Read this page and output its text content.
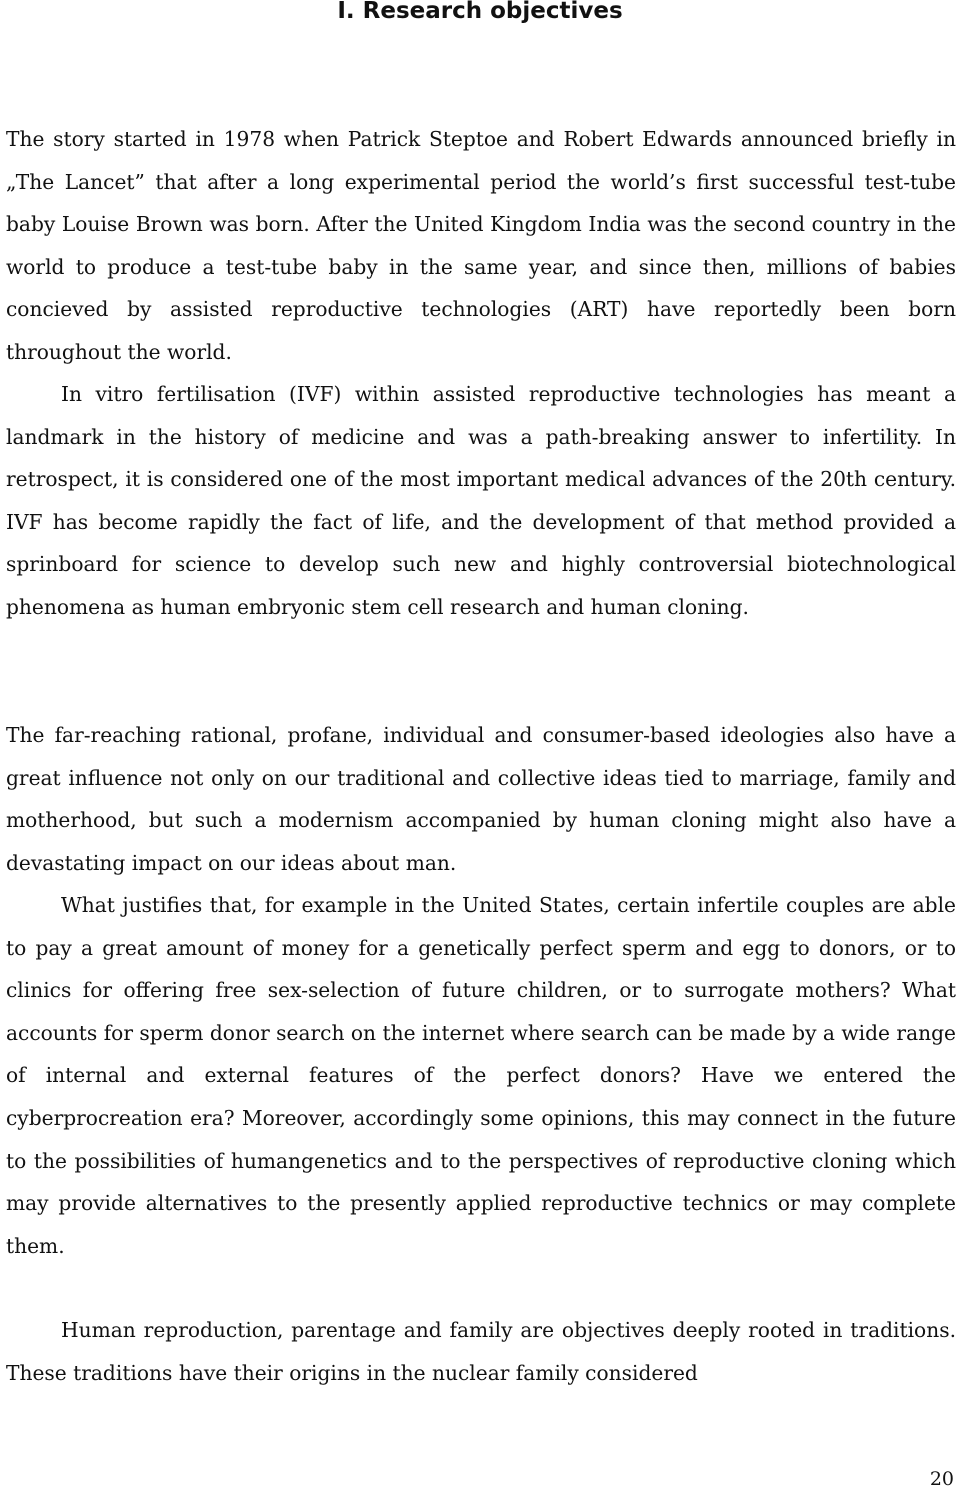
I. Research objectives

The story started in 1978 when Patrick Steptoe and Robert Edwards announced briefly in „The Lancet” that after a long experimental period the world’s first successful test-tube baby Louise Brown was born. After the United Kingdom India was the second country in the world to produce a test-tube baby in the same year, and since then, millions of babies concieved by assisted reproductive technologies (ART) have reportedly been born throughout the world.

In vitro fertilisation (IVF) within assisted reproductive technologies has meant a landmark in the history of medicine and was a path-breaking answer to infertility. In retrospect, it is considered one of the most important medical advances of the 20th century. IVF has become rapidly the fact of life, and the development of that method provided a sprinboard for science to develop such new and highly controversial biotechnological phenomena as human embryonic stem cell research and human cloning.

The far-reaching rational, profane, individual and consumer-based ideologies also have a great influence not only on our traditional and collective ideas tied to marriage, family and motherhood, but such a modernism accompanied by human cloning might also have a devastating impact on our ideas about man.

What justifies that, for example in the United States, certain infertile couples are able to pay a great amount of money for a genetically perfect sperm and egg to donors, or to clinics for offering free sex-selection of future children, or to surrogate mothers? What accounts for sperm donor search on the internet where search can be made by a wide range of internal and external features of the perfect donors? Have we entered the cyberprocreation era? Moreover, accordingly some opinions, this may connect in the future to the possibilities of humangenetics and to the perspectives of reproductive cloning which may provide alternatives to the presently applied reproductive technics or may complete them.

Human reproduction, parentage and family are objectives deeply rooted in traditions. These traditions have their origins in the nuclear family considered

20
